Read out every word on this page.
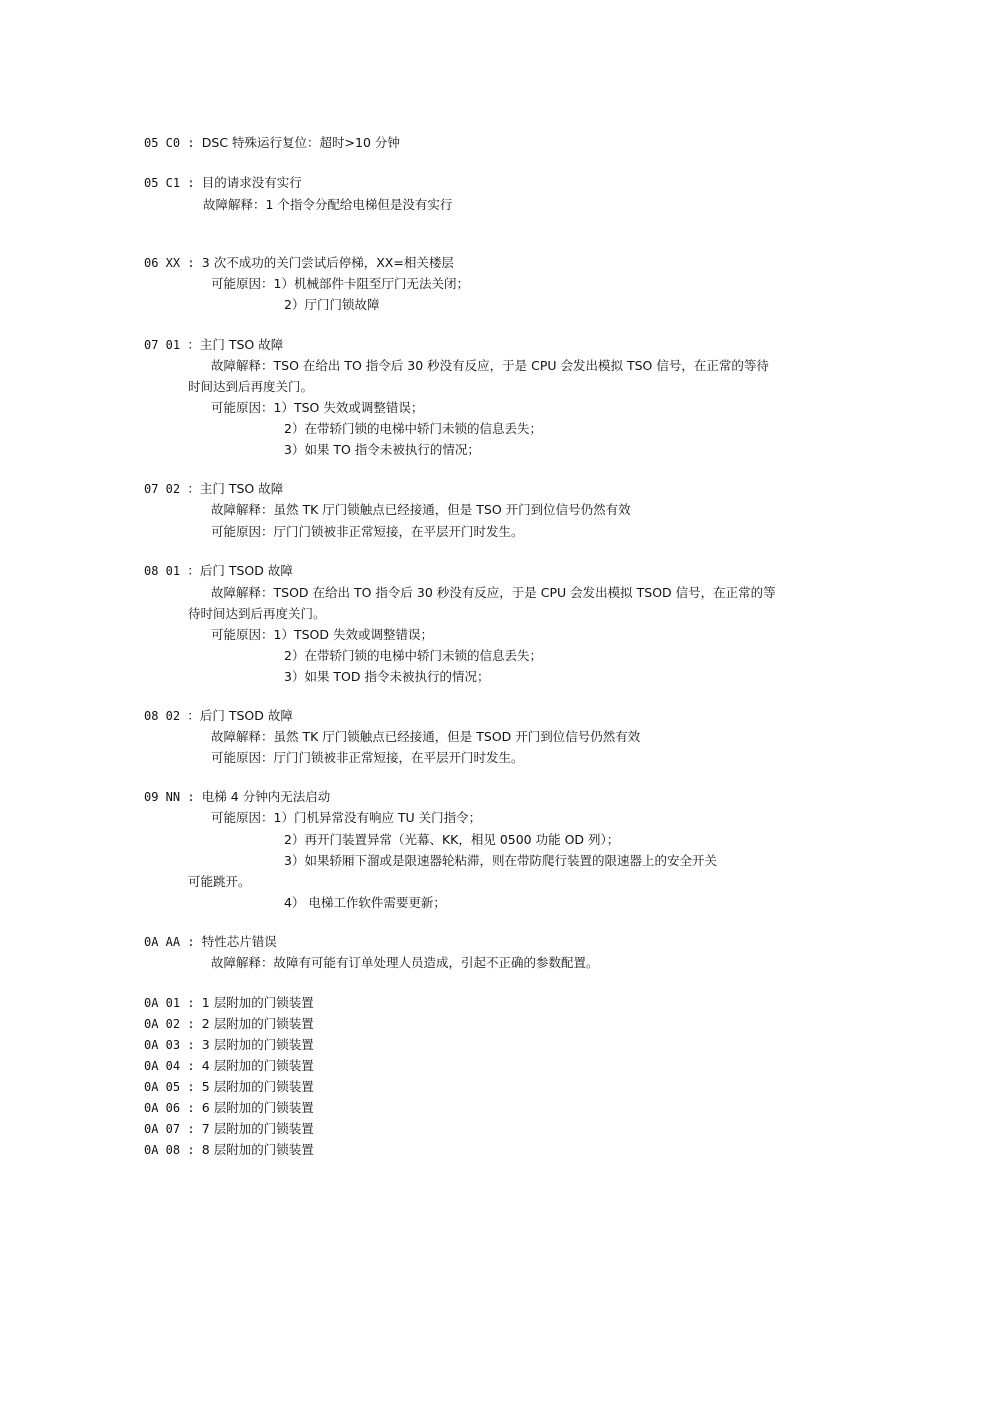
05 C0 : DSC 特殊运行复位：超时>10 分钟
05 C1 : 目的请求没有实行
故障解释：1 个指令分配给电梯但是没有实行
06 XX : 3 次不成功的关门尝试后停梯，XX=相关楼层
可能原因：1）机械部件卡阻至厅门无法关闭；
2）厅门门锁故障
07 01 ：主门 TSO 故障
故障解释：TSO 在给出 TO 指令后 30 秒没有反应，于是 CPU 会发出模拟 TSO 信号，在正常的等待
时间达到后再度关门。
可能原因：1）TSO 失效或调整错误；
2）在带轿门锁的电梯中轿门未锁的信息丢失；
3）如果 TO 指令未被执行的情况；
07 02 ：主门 TSO 故障
故障解释：虽然 TK 厅门锁触点已经接通，但是 TSO 开门到位信号仍然有效
可能原因：厅门门锁被非正常短接，在平层开门时发生。
08 01 ：后门 TSOD 故障
故障解释：TSOD 在给出 TO 指令后 30 秒没有反应，于是 CPU 会发出模拟 TSOD 信号，在正常的等
待时间达到后再度关门。
可能原因：1）TSOD 失效或调整错误；
2）在带轿门锁的电梯中轿门未锁的信息丢失；
3）如果 TOD 指令未被执行的情况；
08 02 ：后门 TSOD 故障
故障解释：虽然 TK 厅门锁触点已经接通，但是 TSOD 开门到位信号仍然有效
可能原因：厅门门锁被非正常短接，在平层开门时发生。
09 NN : 电梯 4 分钟内无法启动
可能原因：1）门机异常没有响应 TU 关门指令；
2）再开门装置异常（光幕、KK，相见 0500 功能 OD 列）；
3）如果轿厢下溜或是限速器轮粘滞，则在带防爬行装置的限速器上的安全开关
可能跳开。
4） 电梯工作软件需要更新；
0A AA : 特性芯片错误
故障解释：故障有可能有订单处理人员造成，引起不正确的参数配置。
0A 01 : 1 层附加的门锁装置
0A 02 : 2 层附加的门锁装置
0A 03 : 3 层附加的门锁装置
0A 04 : 4 层附加的门锁装置
0A 05 : 5 层附加的门锁装置
0A 06 : 6 层附加的门锁装置
0A 07 : 7 层附加的门锁装置
0A 08 : 8 层附加的门锁装置
